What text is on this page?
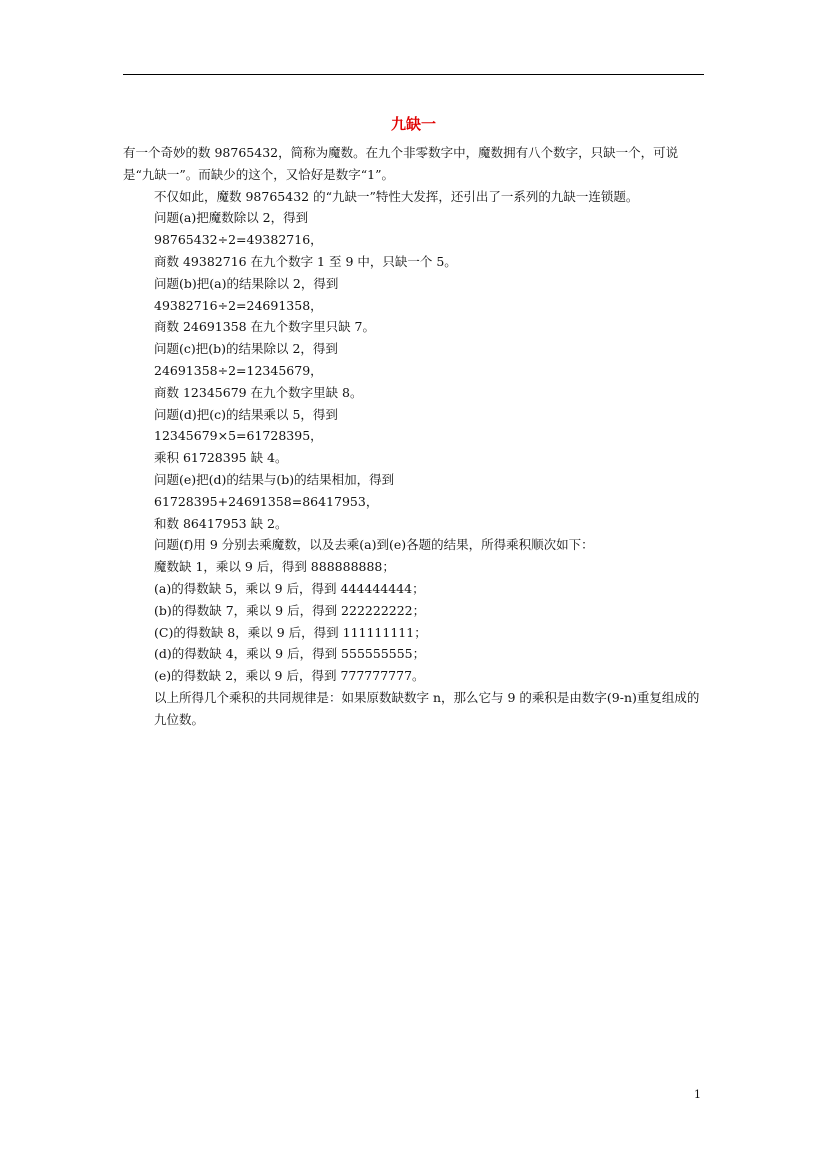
九缺一

有一个奇妙的数 98765432，简称为魔数。在九个非零数字中，魔数拥有八个数字，只缺一个，可说是“九缺一”。而缺少的这个，又恰好是数字“1”。

不仅如此，魔数 98765432 的“九缺一”特性大发挥，还引出了一系列的九缺一连锁题。

问题(a)把魔数除以 2，得到

98765432÷2=49382716，

商数 49382716 在九个数字 1 至 9 中，只缺一个 5。

问题(b)把(a)的结果除以 2，得到

49382716÷2=24691358，

商数 24691358 在九个数字里只缺 7。

问题(c)把(b)的结果除以 2，得到

24691358÷2=12345679，

商数 12345679 在九个数字里缺 8。

问题(d)把(c)的结果乘以 5，得到

12345679×5=61728395，

乘积 61728395 缺 4。

问题(e)把(d)的结果与(b)的结果相加，得到

61728395+24691358=86417953，

和数 86417953 缺 2。

问题(f)用 9 分别去乘魔数，以及去乘(a)到(e)各题的结果，所得乘积顺次如下：

魔数缺 1，乘以 9 后，得到 888888888；

(a)的得数缺 5，乘以 9 后，得到 444444444；

(b)的得数缺 7，乘以 9 后，得到 222222222；

(C)的得数缺 8，乘以 9 后，得到 111111111；

(d)的得数缺 4，乘以 9 后，得到 555555555；

(e)的得数缺 2，乘以 9 后，得到 777777777。

以上所得几个乘积的共同规律是：如果原数缺数字 n，那么它与 9 的乘积是由数字(9-n)重复组成的九位数。

1
